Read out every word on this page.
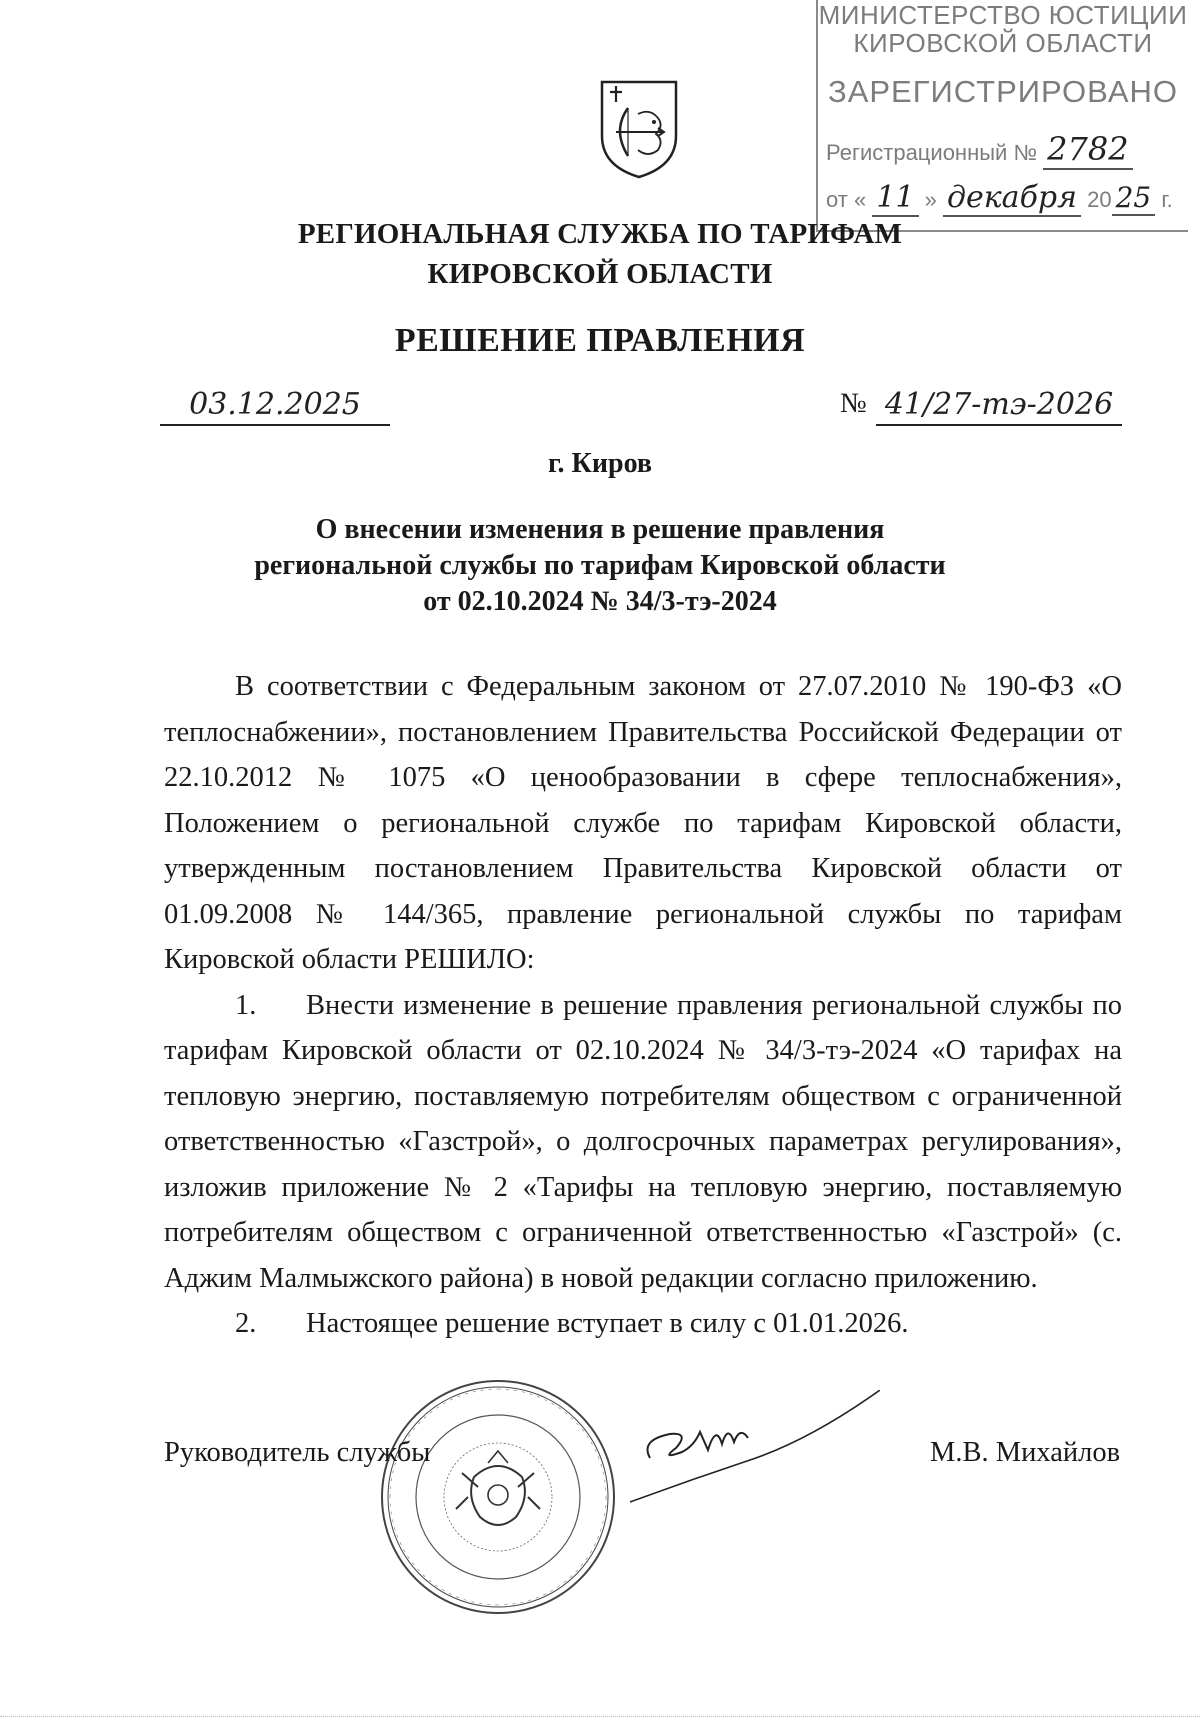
МИНИСТЕРСТВО ЮСТИЦИИ
КИРОВСКОЙ ОБЛАСТИ
ЗАРЕГИСТРИРОВАНО
Регистрационный № 2782
от « 11 » декабря 20 25 г.
РЕГИОНАЛЬНАЯ СЛУЖБА ПО ТАРИФАМ
КИРОВСКОЙ ОБЛАСТИ
РЕШЕНИЕ ПРАВЛЕНИЯ
03.12.2025	№ 41/27-тэ-2026
г. Киров
О внесении изменения в решение правления
региональной службы по тарифам Кировской области
от 02.10.2024 № 34/3-тэ-2024

В соответствии с Федеральным законом от 27.07.2010 № 190-ФЗ «О теплоснабжении», постановлением Правительства Российской Федерации от 22.10.2012 № 1075 «О ценообразовании в сфере теплоснабжения», Положением о региональной службе по тарифам Кировской области, утвержденным постановлением Правительства Кировской области от 01.09.2008 № 144/365, правление региональной службы по тарифам Кировской области РЕШИЛО:

1. Внести изменение в решение правления региональной службы по тарифам Кировской области от 02.10.2024 № 34/3-тэ-2024 «О тарифах на тепловую энергию, поставляемую потребителям обществом с ограниченной ответственностью «Газстрой», о долгосрочных параметрах регулирования», изложив приложение № 2 «Тарифы на тепловую энергию, поставляемую потребителям обществом с ограниченной ответственностью «Газстрой» (с. Аджим Малмыжского района) в новой редакции согласно приложению.

2. Настоящее решение вступает в силу с 01.01.2026.

Руководитель службы	М.В. Михайлов
